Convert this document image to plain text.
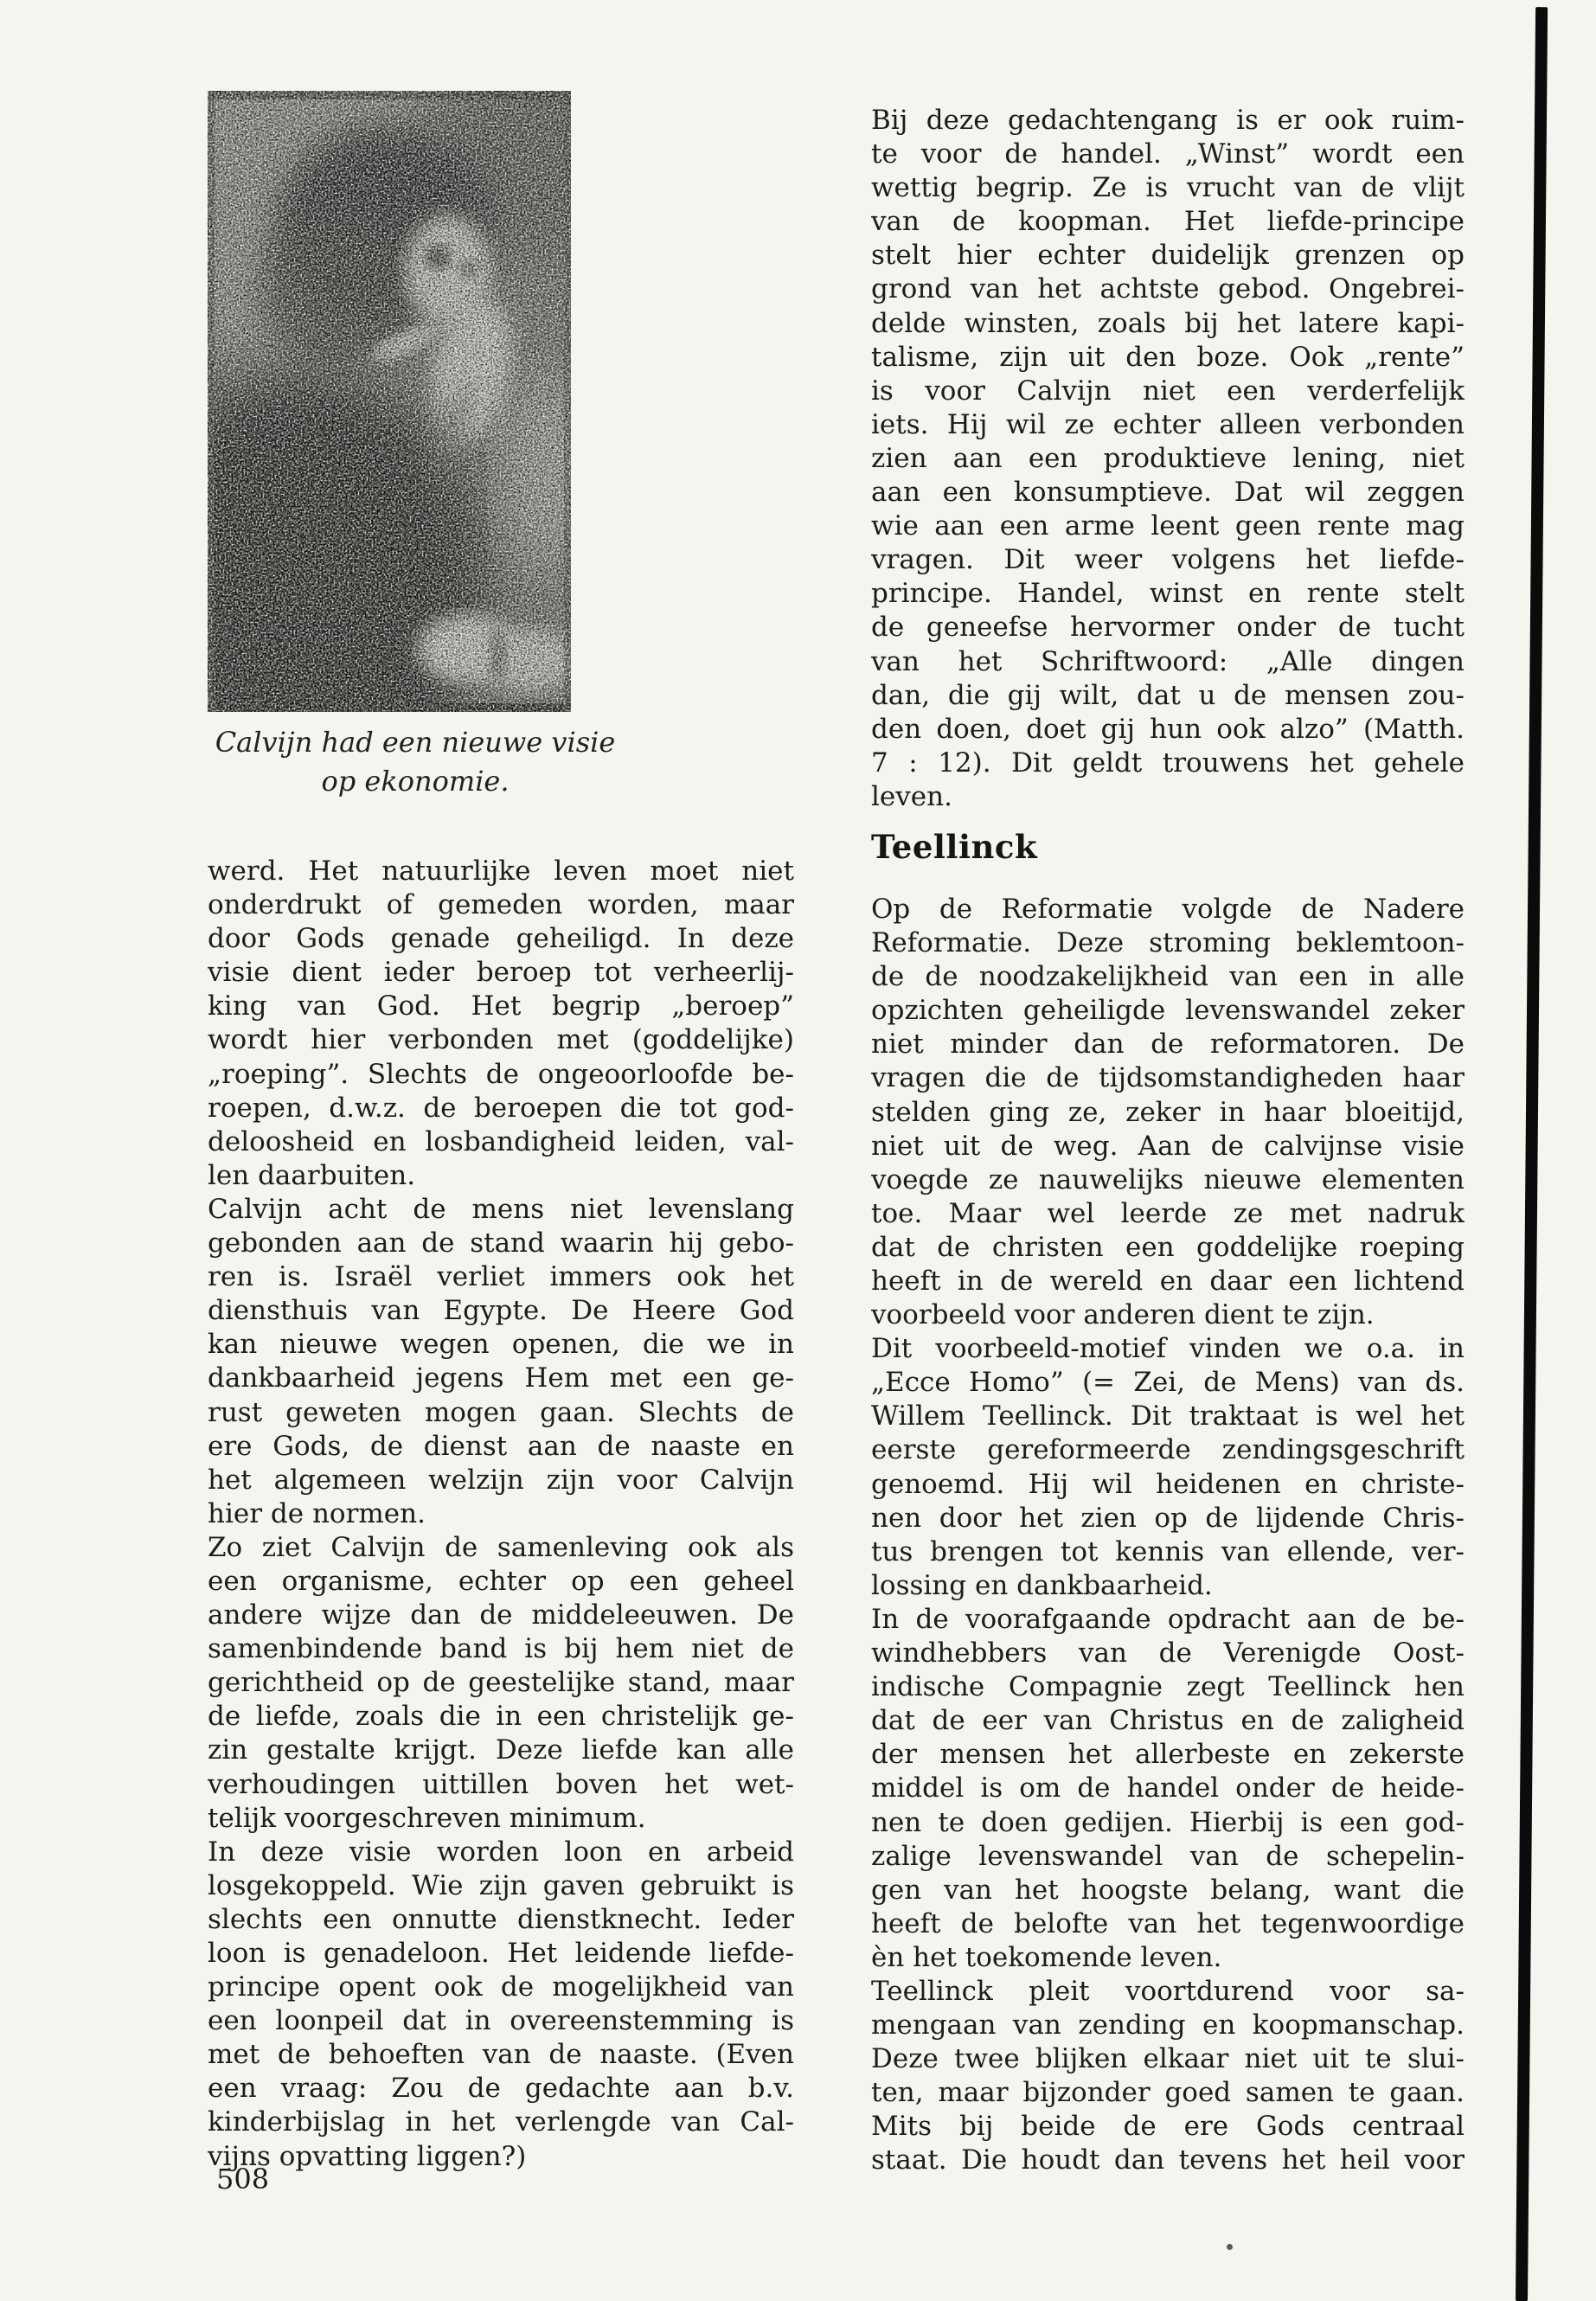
Calvijn had een nieuwe visie
op ekonomie.
werd. Het natuurlijke leven moet niet
onderdrukt of gemeden worden, maar
door Gods genade geheiligd. In deze
visie dient ieder beroep tot verheerlij-
king van God. Het begrip „beroep”
wordt hier verbonden met (goddelijke)
„roeping”. Slechts de ongeoorloofde be-
roepen, d.w.z. de beroepen die tot god-
deloosheid en losbandigheid leiden, val-
len daarbuiten.
Calvijn acht de mens niet levenslang
gebonden aan de stand waarin hij gebo-
ren is. Israël verliet immers ook het
diensthuis van Egypte. De Heere God
kan nieuwe wegen openen, die we in
dankbaarheid jegens Hem met een ge-
rust geweten mogen gaan. Slechts de
ere Gods, de dienst aan de naaste en
het algemeen welzijn zijn voor Calvijn
hier de normen.
Zo ziet Calvijn de samenleving ook als
een organisme, echter op een geheel
andere wijze dan de middeleeuwen. De
samenbindende band is bij hem niet de
gerichtheid op de geestelijke stand, maar
de liefde, zoals die in een christelijk ge-
zin gestalte krijgt. Deze liefde kan alle
verhoudingen uittillen boven het wet-
telijk voorgeschreven minimum.
In deze visie worden loon en arbeid
losgekoppeld. Wie zijn gaven gebruikt is
slechts een onnutte dienstknecht. Ieder
loon is genadeloon. Het leidende liefde-
principe opent ook de mogelijkheid van
een loonpeil dat in overeenstemming is
met de behoeften van de naaste. (Even
een vraag: Zou de gedachte aan b.v.
kinderbijslag in het verlengde van Cal-
vijns opvatting liggen?)
Bij deze gedachtengang is er ook ruim-
te voor de handel. „Winst” wordt een
wettig begrip. Ze is vrucht van de vlijt
van de koopman. Het liefde-principe
stelt hier echter duidelijk grenzen op
grond van het achtste gebod. Ongebrei-
delde winsten, zoals bij het latere kapi-
talisme, zijn uit den boze. Ook „rente”
is voor Calvijn niet een verderfelijk
iets. Hij wil ze echter alleen verbonden
zien aan een produktieve lening, niet
aan een konsumptieve. Dat wil zeggen
wie aan een arme leent geen rente mag
vragen. Dit weer volgens het liefde-
principe. Handel, winst en rente stelt
de geneefse hervormer onder de tucht
van het Schriftwoord: „Alle dingen
dan, die gij wilt, dat u de mensen zou-
den doen, doet gij hun ook alzo” (Matth.
7 : 12). Dit geldt trouwens het gehele
leven.
Teellinck
Op de Reformatie volgde de Nadere
Reformatie. Deze stroming beklemtoon-
de de noodzakelijkheid van een in alle
opzichten geheiligde levenswandel zeker
niet minder dan de reformatoren. De
vragen die de tijdsomstandigheden haar
stelden ging ze, zeker in haar bloeitijd,
niet uit de weg. Aan de calvijnse visie
voegde ze nauwelijks nieuwe elementen
toe. Maar wel leerde ze met nadruk
dat de christen een goddelijke roeping
heeft in de wereld en daar een lichtend
voorbeeld voor anderen dient te zijn.
Dit voorbeeld-motief vinden we o.a. in
„Ecce Homo” (= Zei, de Mens) van ds.
Willem Teellinck. Dit traktaat is wel het
eerste gereformeerde zendingsgeschrift
genoemd. Hij wil heidenen en christe-
nen door het zien op de lijdende Chris-
tus brengen tot kennis van ellende, ver-
lossing en dankbaarheid.
In de voorafgaande opdracht aan de be-
windhebbers van de Verenigde Oost-
indische Compagnie zegt Teellinck hen
dat de eer van Christus en de zaligheid
der mensen het allerbeste en zekerste
middel is om de handel onder de heide-
nen te doen gedijen. Hierbij is een god-
zalige levenswandel van de schepelin-
gen van het hoogste belang, want die
heeft de belofte van het tegenwoordige
èn het toekomende leven.
Teellinck pleit voortdurend voor sa-
mengaan van zending en koopmanschap.
Deze twee blijken elkaar niet uit te slui-
ten, maar bijzonder goed samen te gaan.
Mits bij beide de ere Gods centraal
staat. Die houdt dan tevens het heil voor
508
